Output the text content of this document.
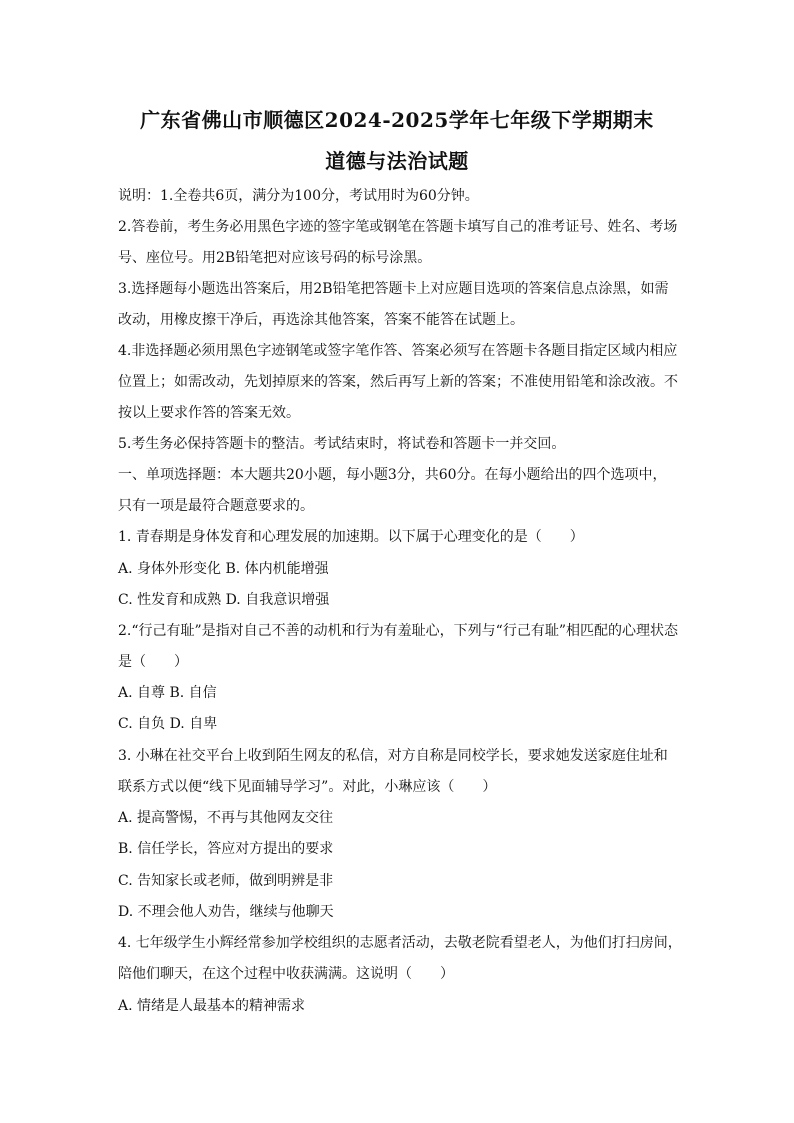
广东省佛山市顺德区2024-2025学年七年级下学期期末
道德与法治试题
说明：1.全卷共6页，满分为100分，考试用时为60分钟。
2.答卷前，考生务必用黑色字迹的签字笔或钢笔在答题卡填写自己的准考证号、姓名、考场
号、座位号。用2B铅笔把对应该号码的标号涂黑。
3.选择题每小题选出答案后，用2B铅笔把答题卡上对应题目选项的答案信息点涂黑，如需
改动，用橡皮擦干净后，再选涂其他答案，答案不能答在试题上。
4.非选择题必须用黑色字迹钢笔或签字笔作答、答案必须写在答题卡各题目指定区域内相应
位置上；如需改动，先划掉原来的答案，然后再写上新的答案；不准使用铅笔和涂改液。不
按以上要求作答的答案无效。
5.考生务必保持答题卡的整洁。考试结束时，将试卷和答题卡一并交回。
一、单项选择题：本大题共20小题，每小题3分，共60分。在每小题给出的四个选项中，
只有一项是最符合题意要求的。
1. 青春期是身体发育和心理发展的加速期。以下属于心理变化的是（　　）
A. 身体外形变化 B. 体内机能增强
C. 性发育和成熟 D. 自我意识增强
2.“行己有耻”是指对自己不善的动机和行为有羞耻心，下列与“行己有耻”相匹配的心理状态
是（　　）
A. 自尊 B. 自信
C. 自负 D. 自卑
3. 小琳在社交平台上收到陌生网友的私信，对方自称是同校学长，要求她发送家庭住址和
联系方式以便“线下见面辅导学习”。对此，小琳应该（　　）
A. 提高警惕，不再与其他网友交往
B. 信任学长，答应对方提出的要求
C. 告知家长或老师，做到明辨是非
D. 不理会他人劝告，继续与他聊天
4. 七年级学生小辉经常参加学校组织的志愿者活动，去敬老院看望老人，为他们打扫房间，
陪他们聊天，在这个过程中收获满满。这说明（　　）
A. 情绪是人最基本的精神需求
